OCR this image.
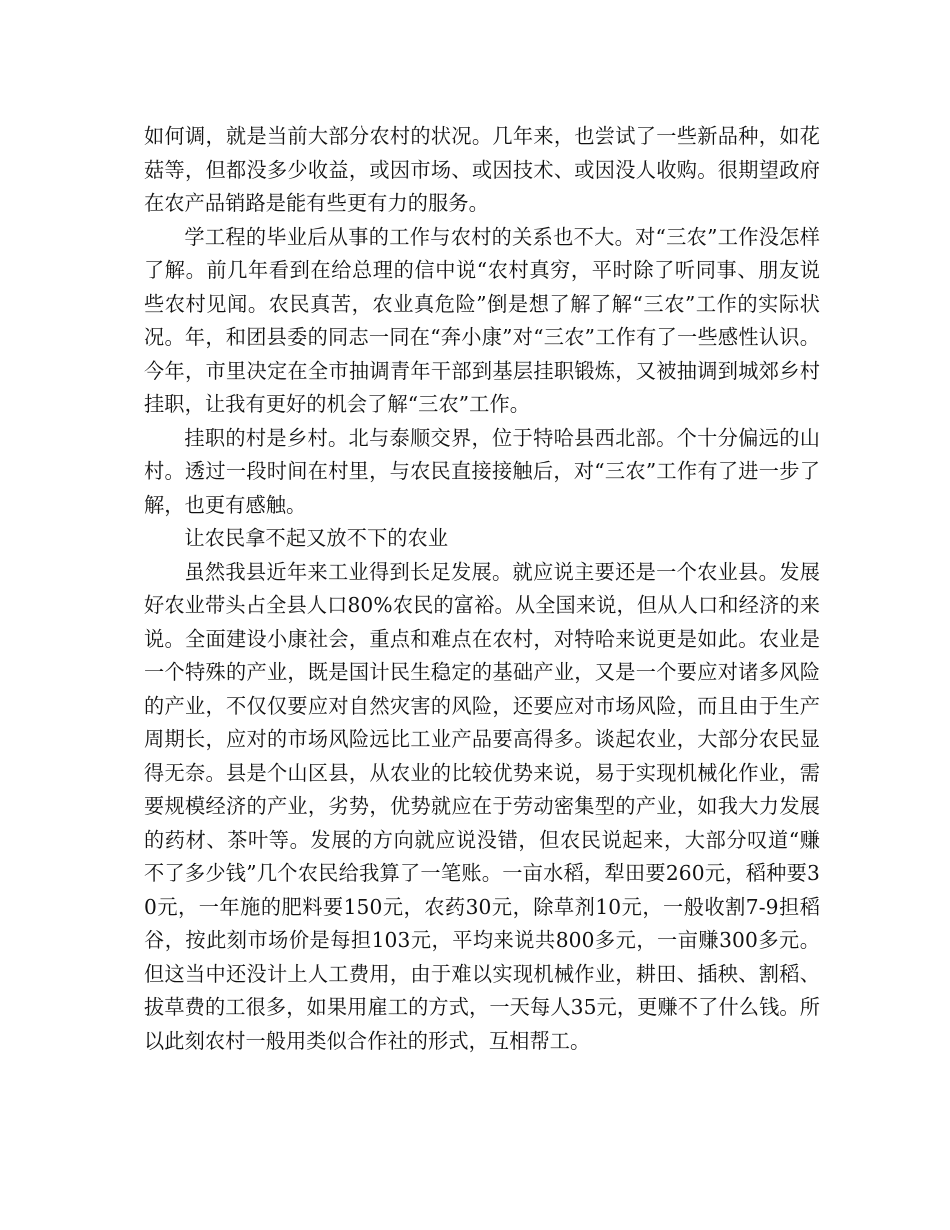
如何调，就是当前大部分农村的状况。几年来，也尝试了一些新品种，如花菇等，但都没多少收益，或因市场、或因技术、或因没人收购。很期望政府在农产品销路是能有些更有力的服务。

学工程的毕业后从事的工作与农村的关系也不大。对“三农”工作没怎样了解。前几年看到在给总理的信中说“农村真穷，平时除了听同事、朋友说些农村见闻。农民真苦，农业真危险”倒是想了解了解“三农”工作的实际状况。年，和团县委的同志一同在“奔小康”对“三农”工作有了一些感性认识。今年，市里决定在全市抽调青年干部到基层挂职锻炼，又被抽调到城郊乡村挂职，让我有更好的机会了解“三农”工作。

挂职的村是乡村。北与泰顺交界，位于特哈县西北部。个十分偏远的山村。透过一段时间在村里，与农民直接接触后，对“三农”工作有了进一步了解，也更有感触。

让农民拿不起又放不下的农业

虽然我县近年来工业得到长足发展。就应说主要还是一个农业县。发展好农业带头占全县人口80%农民的富裕。从全国来说，但从人口和经济的来说。全面建设小康社会，重点和难点在农村，对特哈来说更是如此。农业是一个特殊的产业，既是国计民生稳定的基础产业，又是一个要应对诸多风险的产业，不仅仅要应对自然灾害的风险，还要应对市场风险，而且由于生产周期长，应对的市场风险远比工业产品要高得多。谈起农业，大部分农民显得无奈。县是个山区县，从农业的比较优势来说，易于实现机械化作业，需要规模经济的产业，劣势，优势就应在于劳动密集型的产业，如我大力发展的药材、茶叶等。发展的方向就应说没错，但农民说起来，大部分叹道“赚不了多少钱”几个农民给我算了一笔账。一亩水稻，犁田要260元，稻种要30元，一年施的肥料要150元，农药30元，除草剂10元，一般收割7-9担稻谷，按此刻市场价是每担103元，平均来说共800多元，一亩赚300多元。但这当中还没计上人工费用，由于难以实现机械作业，耕田、插秧、割稻、拔草费的工很多，如果用雇工的方式，一天每人35元，更赚不了什么钱。所以此刻农村一般用类似合作社的形式，互相帮工。
